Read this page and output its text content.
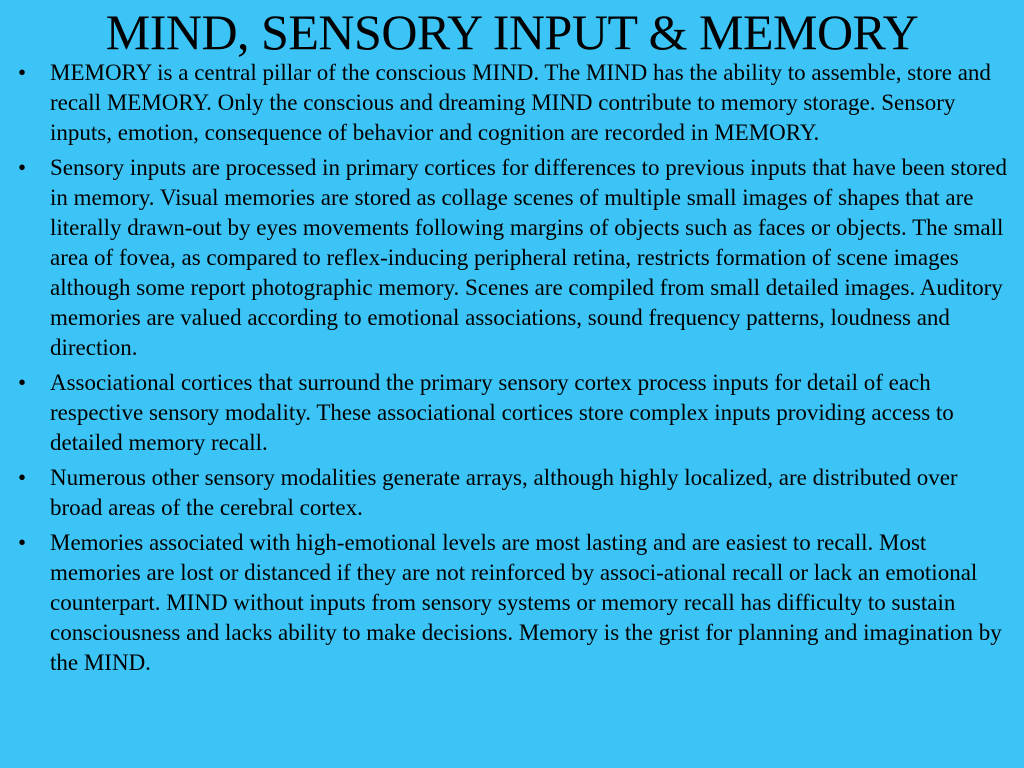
MIND, SENSORY INPUT & MEMORY
• MEMORY is a central pillar of the conscious MIND. The MIND has the ability to assemble, store and recall MEMORY. Only the conscious and dreaming MIND contribute to memory storage. Sensory inputs, emotion, consequence of behavior and cognition are recorded in MEMORY.
• Sensory inputs are processed in primary cortices for differences to previous inputs that have been stored in memory. Visual memories are stored as collage scenes of multiple small images of shapes that are literally drawn-out by eyes movements following margins of objects such as faces or objects. The small area of fovea, as compared to reflex-inducing peripheral retina, restricts formation of scene images although some report photographic memory. Scenes are compiled from small detailed images. Auditory memories are valued according to emotional associations, sound frequency patterns, loudness and direction.
• Associational cortices that surround the primary sensory cortex process inputs for detail of each respective sensory modality. These associational cortices store complex inputs providing access to detailed memory recall.
• Numerous other sensory modalities generate arrays, although highly localized, are distributed over broad areas of the cerebral cortex.
• Memories associated with high-emotional levels are most lasting and are easiest to recall. Most memories are lost or distanced if they are not reinforced by associ-ational recall or lack an emotional counterpart. MIND without inputs from sensory systems or memory recall has difficulty to sustain consciousness and lacks ability to make decisions. Memory is the grist for planning and imagination by the MIND.
